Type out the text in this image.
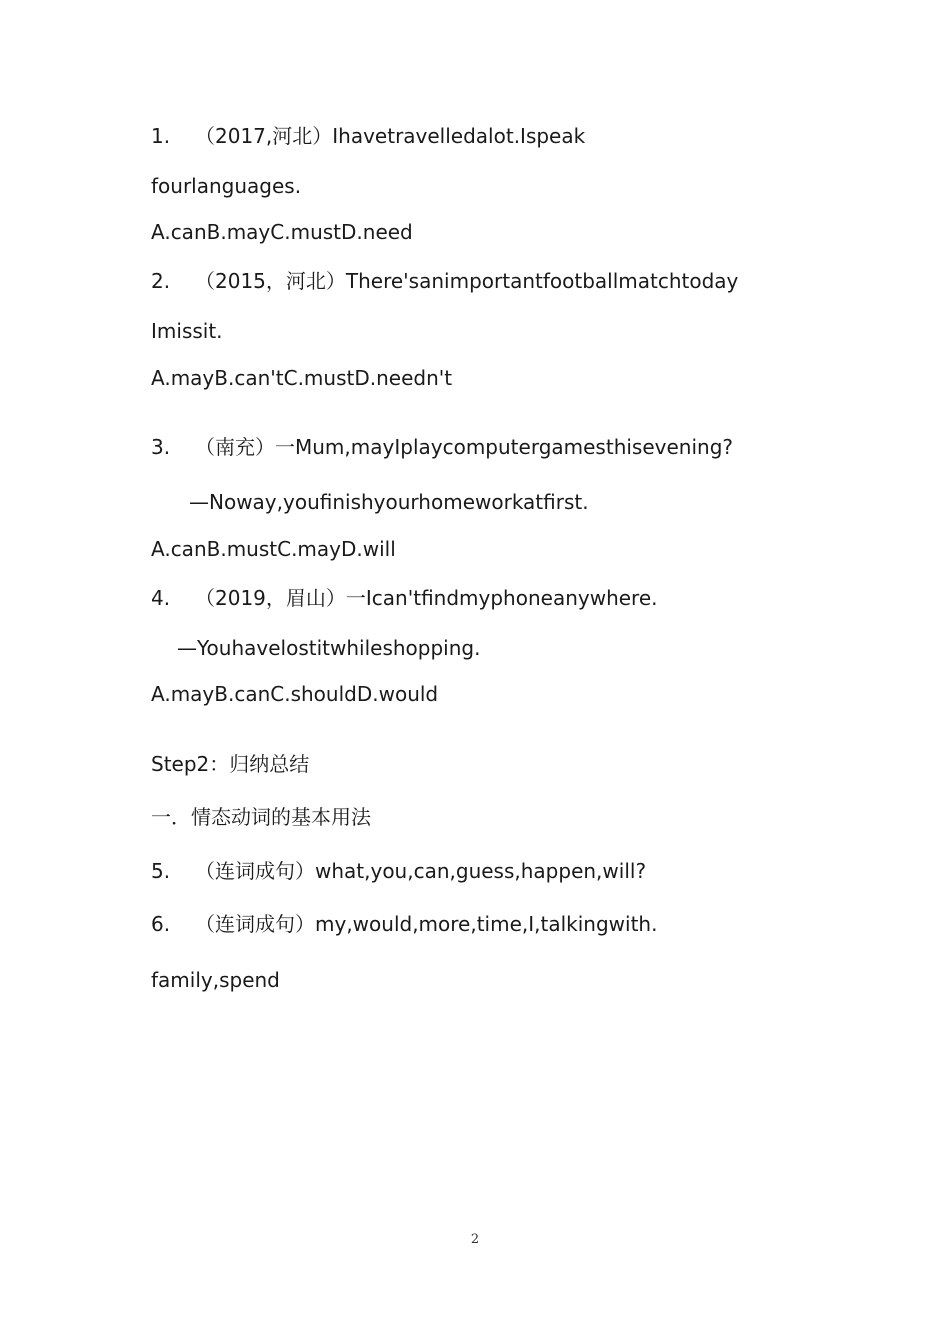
1. （2017,河北）Ihavetravelledalot.Ispeak
fourlanguages.
A.canB.mayC.mustD.need
2. （2015，河北）There'sanimportantfootballmatchtoday
Imissit.
A.mayB.can'tC.mustD.needn't
3. （南充）一Mum,mayIplaycomputergamesthisevening?
—Noway,youfinishyourhomeworkatfirst.
A.canB.mustC.mayD.will
4. （2019，眉山）一Ican'tfindmyphoneanywhere.
—Youhavelostitwhileshopping.
A.mayB.canC.shouldD.would
Step2：归纳总结
一．情态动词的基本用法
5. （连词成句）what,you,can,guess,happen,will?
6. （连词成句）my,would,more,time,I,talkingwith.
family,spend
2
